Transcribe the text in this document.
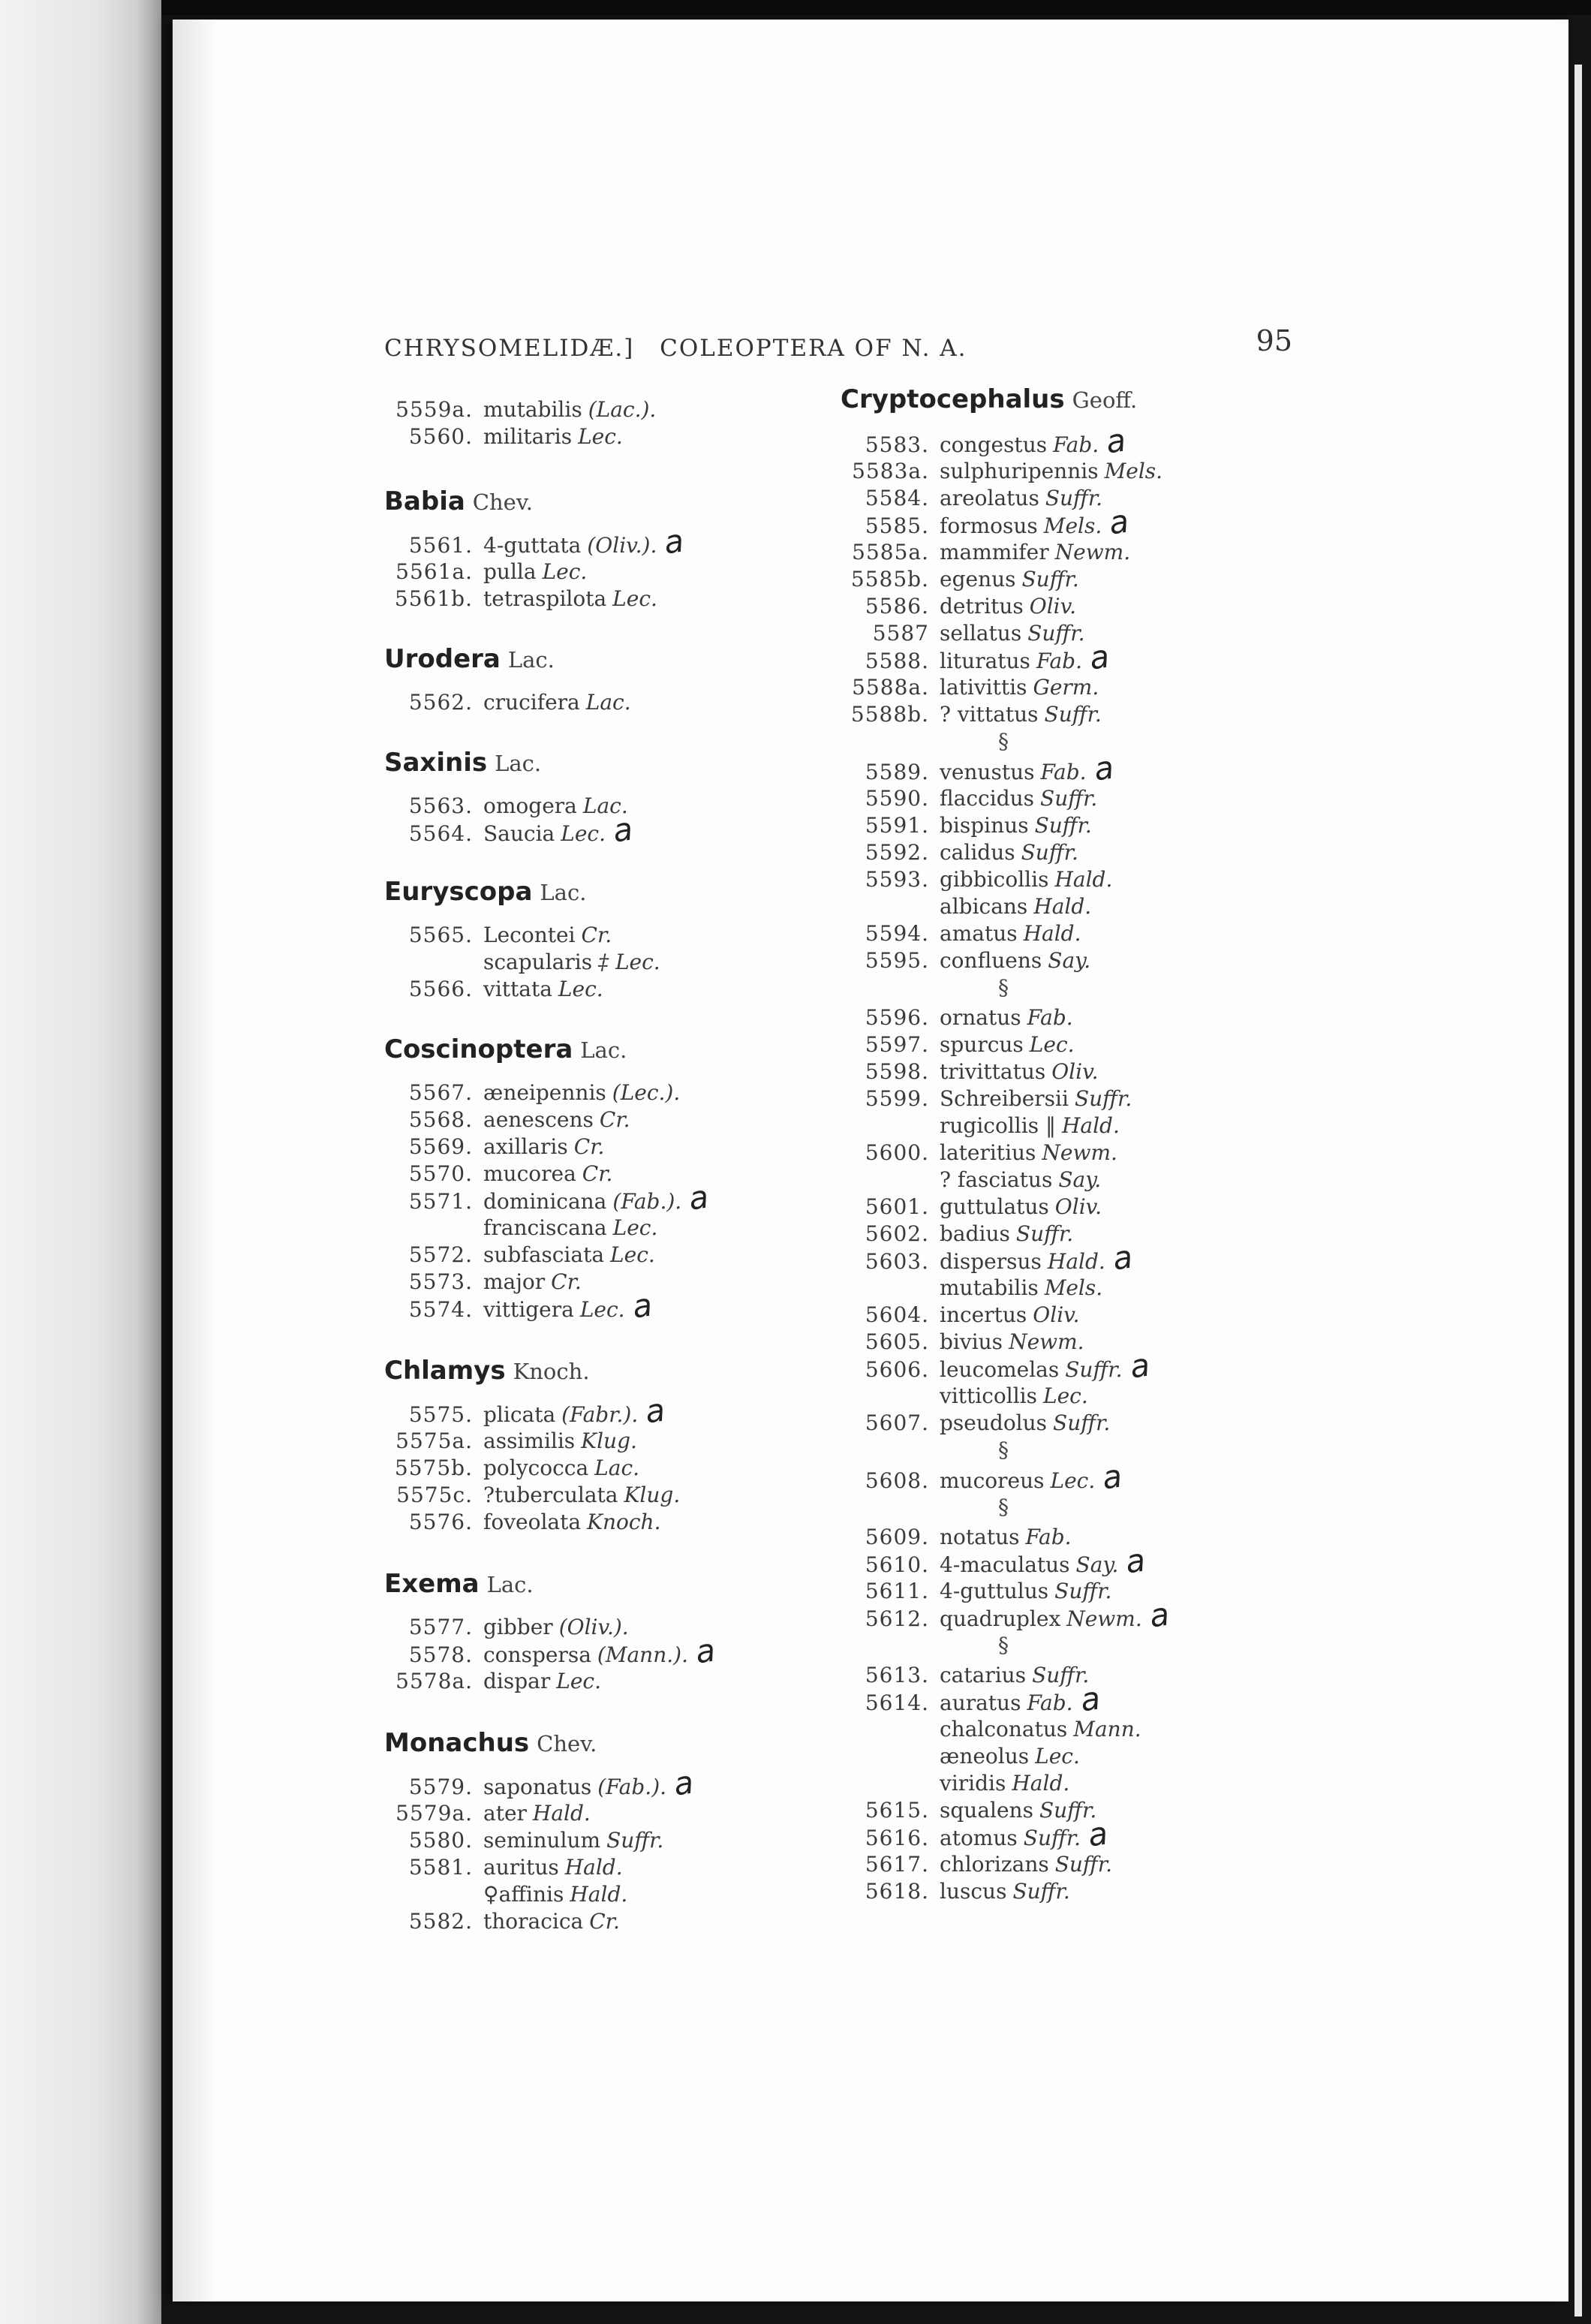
CHRYSOMELIDÆ.] COLEOPTERA OF N. A.	95
5559a. mutabilis (Lac.).
5560. militaris Lec.
Babia Chev.
5561. 4-guttata (Oliv.). a
5561a. pulla Lec.
5561b. tetraspilota Lec.
Urodera Lac.
5562. crucifera Lac.
Saxinis Lac.
5563. omogera Lac.
5564. Saucia Lec. a
Euryscopa Lac.
5565. Lecontei Cr.
scapularis ‡ Lec.
5566. vittata Lec.
Coscinoptera Lac.
5567. æneipennis (Lec.).
5568. aenescens Cr.
5569. axillaris Cr.
5570. mucorea Cr.
5571. dominicana (Fab.). a
franciscana Lec.
5572. subfasciata Lec.
5573. major Cr.
5574. vittigera Lec. a
Chlamys Knoch.
5575. plicata (Fabr.). a
5575a. assimilis Klug.
5575b. polycocca Lac.
5575c. ?tuberculata Klug.
5576. foveolata Knoch.
Exema Lac.
5577. gibber (Oliv.).
5578. conspersa (Mann.). a
5578a. dispar Lec.
Monachus Chev.
5579. saponatus (Fab.). a
5579a. ater Hald.
5580. seminulum Suffr.
5581. auritus Hald.
♀affinis Hald.
5582. thoracica Cr.
Cryptocephalus Geoff.
5583. congestus Fab. a
5583a. sulphuripennis Mels.
5584. areolatus Suffr.
5585. formosus Mels. a
5585a. mammifer Newm.
5585b. egenus Suffr.
5586. detritus Oliv.
5587 sellatus Suffr.
5588. lituratus Fab. a
5588a. lativittis Germ.
5588b. ? vittatus Suffr.
§
5589. venustus Fab. a
5590. flaccidus Suffr.
5591. bispinus Suffr.
5592. calidus Suffr.
5593. gibbicollis Hald.
albicans Hald.
5594. amatus Hald.
5595. confluens Say.
§
5596. ornatus Fab.
5597. spurcus Lec.
5598. trivittatus Oliv.
5599. Schreibersii Suffr.
rugicollis ‖ Hald.
5600. lateritius Newm.
? fasciatus Say.
5601. guttulatus Oliv.
5602. badius Suffr.
5603. dispersus Hald. a
mutabilis Mels.
5604. incertus Oliv.
5605. bivius Newm.
5606. leucomelas Suffr. a
vitticollis Lec.
5607. pseudolus Suffr.
§
5608. mucoreus Lec. a
§
5609. notatus Fab.
5610. 4-maculatus Say. a
5611. 4-guttulus Suffr.
5612. quadruplex Newm. a
§
5613. catarius Suffr.
5614. auratus Fab. a
chalconatus Mann.
æneolus Lec.
viridis Hald.
5615. squalens Suffr.
5616. atomus Suffr. a
5617. chlorizans Suffr.
5618. luscus Suffr.
